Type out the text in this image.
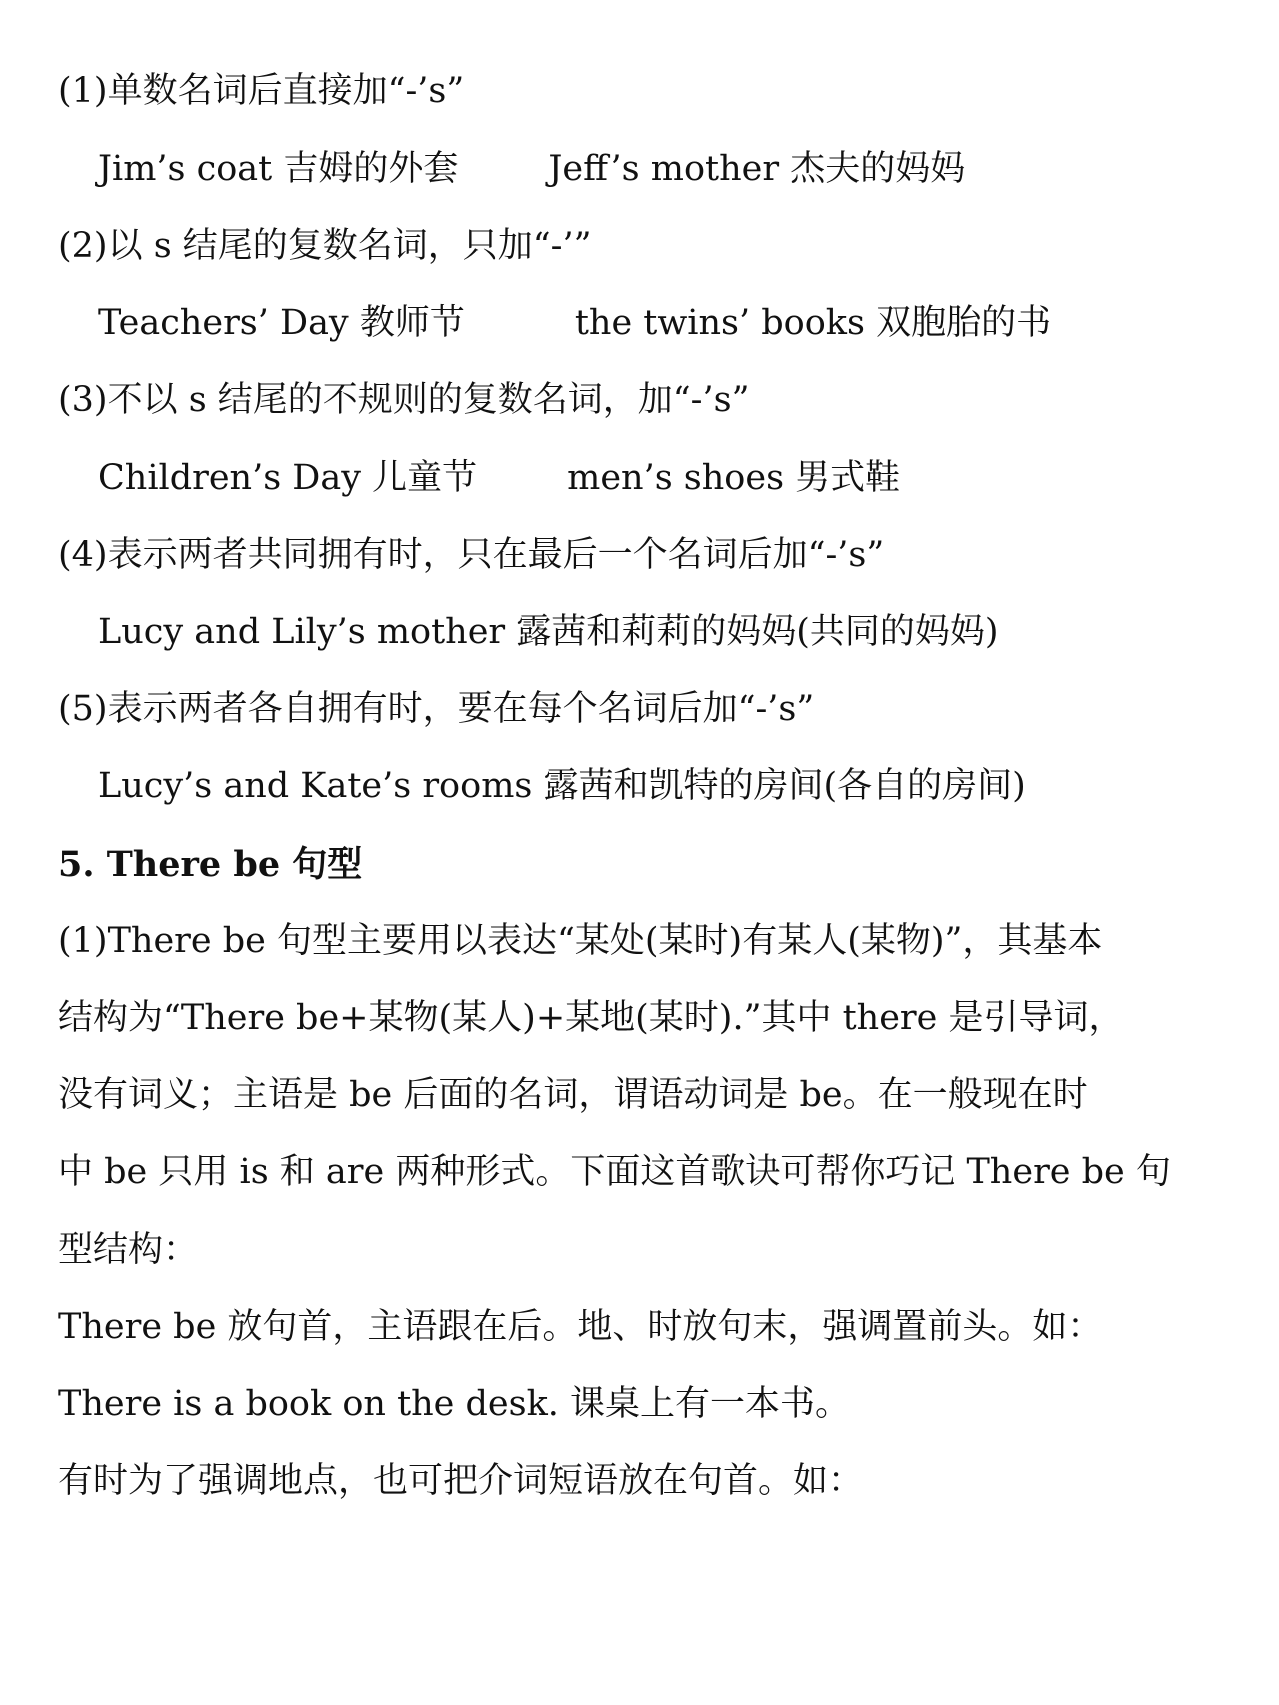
(1)单数名词后直接加“-’s”
Jim’s coat 吉姆的外套	Jeff’s mother 杰夫的妈妈
(2)以 s 结尾的复数名词，只加“-’”
Teachers’ Day 教师节	the twins’ books 双胞胎的书
(3)不以 s 结尾的不规则的复数名词，加“-’s”
Children’s Day 儿童节	men’s shoes 男式鞋
(4)表示两者共同拥有时，只在最后一个名词后加“-’s”
Lucy and Lily’s mother 露茜和莉莉的妈妈(共同的妈妈)
(5)表示两者各自拥有时，要在每个名词后加“-’s”
Lucy’s and Kate’s rooms 露茜和凯特的房间(各自的房间)
5. There be 句型
(1)There be 句型主要用以表达“某处(某时)有某人(某物)”，其基本
结构为“There be+某物(某人)+某地(某时).”其中 there 是引导词，
没有词义；主语是 be 后面的名词，谓语动词是 be。在一般现在时
中 be 只用 is 和 are 两种形式。下面这首歌诀可帮你巧记 There be 句
型结构：
There be 放句首，主语跟在后。地、时放句末，强调置前头。如：
There is a book on the desk. 课桌上有一本书。
有时为了强调地点，也可把介词短语放在句首。如：
